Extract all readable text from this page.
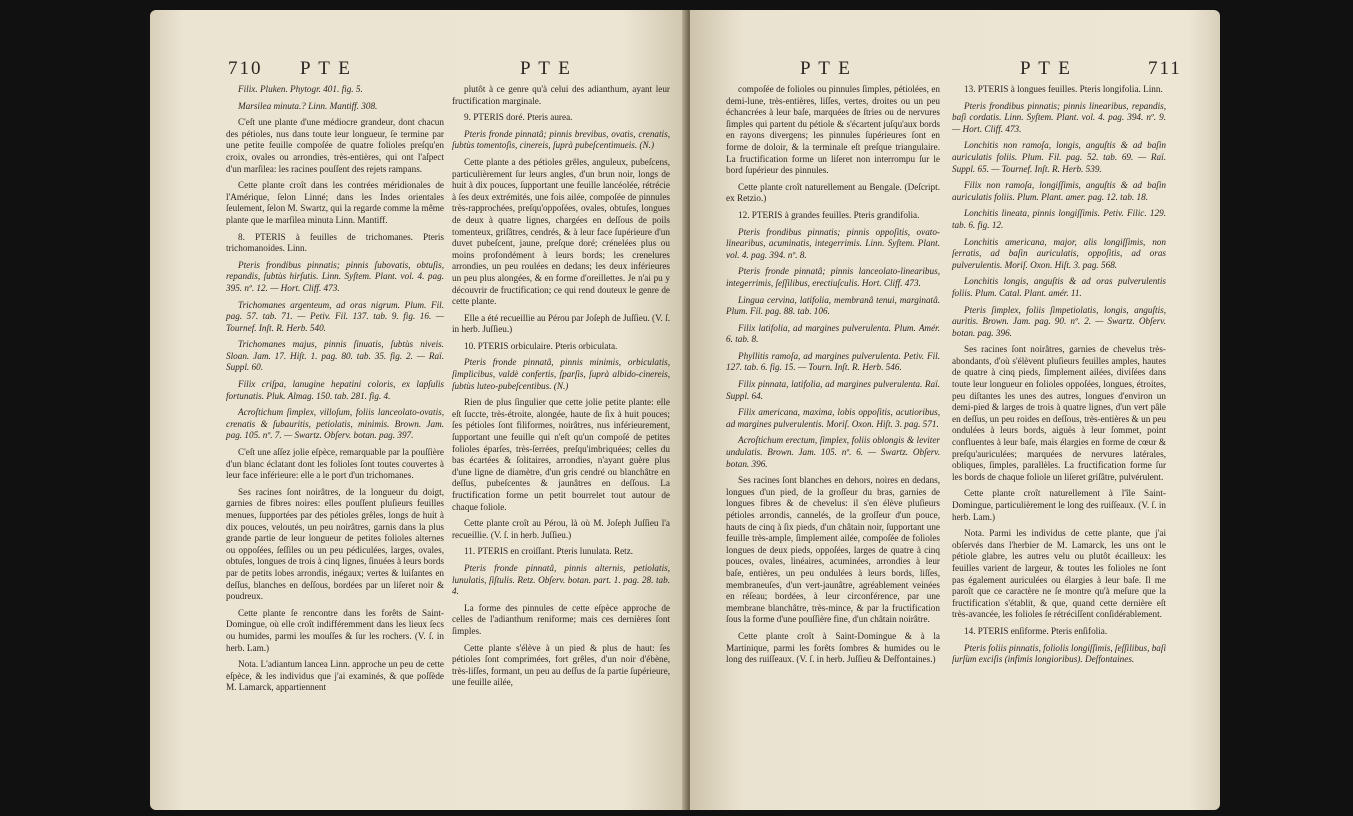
710 P T E	P T E

Filix. Pluken. Phytogr. 401. fig. 5.

Marsilea minuta.? Linn. Mantiff. 308.

C'eſt une plante d'une médiocre grandeur, dont chacun des pétioles, nus dans toute leur longueur, ſe termine par une petite feuille compoſée de quatre folioles preſqu'en croix, ovales ou arrondies, très-entières, qui ont l'aſpect d'un marſilea: les racines pouſſent des rejets rampans.

Cette plante croît dans les contrées méridionales de l'Amérique, ſelon Linné; dans les Indes orientales ſeulement, ſelon M. Swartz, qui la regarde comme la même plante que le marſilea minuta Linn. Mantiff.

8. PTERIS à feuilles de trichomanes. Pteris trichomanoides. Linn.

Pteris frondibus pinnatis; pinnis ſubovatis, obtuſis, repandis, ſubtùs hirſutis. Linn. Syſtem. Plant. vol. 4. pag. 395. nº. 12. — Hort. Cliff. 473.

Trichomanes argenteum, ad oras nigrum. Plum. Fil. pag. 57. tab. 71. — Petiv. Fil. 137. tab. 9. fig. 16. — Tournef. Inſt. R. Herb. 540.

Trichomanes majus, pinnis ſinuatis, ſubtùs niveis. Sloan. Jam. 17. Hiſt. 1. pag. 80. tab. 35. fig. 2. — Raï. Suppl. 60.

Filix criſpa, lanugine hepatini coloris, ex lapſulis fortunatis. Pluk. Almag. 150. tab. 281. fig. 4.

Acroſtichum ſimplex, villoſum, foliis lanceolato-ovatis, crenatis & ſubauritis, petiolatis, minimis. Brown. Jam. pag. 105. nº. 7. — Swartz. Obſerv. botan. pag. 397.

C'eſt une aſſez jolie eſpèce, remarquable par la pouſſière d'un blanc éclatant dont les folioles ſont toutes couvertes à leur face inférieure: elle a le port d'un trichomanes.

Ses racines ſont noirâtres, de la longueur du doigt, garnies de fibres noires: elles pouſſent pluſieurs feuilles menues, ſupportées par des pétioles grêles, longs de huit à dix pouces, veloutés, un peu noirâtres, garnis dans la plus grande partie de leur longueur de petites folioles alternes ou oppoſées, ſeſſiles ou un peu pédiculées, larges, ovales, obtuſes, longues de trois à cinq lignes, ſinuées à leurs bords par de petits lobes arrondis, inégaux; vertes & luiſantes en deſſus, blanches en deſſous, bordées par un liſeret noir & poudreux.

Cette plante ſe rencontre dans les forêts de Saint-Domingue, où elle croît indifféremment dans les lieux ſecs ou humides, parmi les mouſſes & ſur les rochers. (V. ſ. in herb. Lam.)

Nota. L'adiantum lancea Linn. approche un peu de cette eſpèce, & les individus que j'ai examinés, & que poſſède M. Lamarck, appartiennent

plutôt à ce genre qu'à celui des adianthum, ayant leur fructification marginale.

9. PTERIS doré. Pteris aurea.

Pteris fronde pinnatâ; pinnis brevibus, ovatis, crenatis, ſubtùs tomentoſis, cinereis, ſuprà pubeſcentimueis. (N.)

Cette plante a des pétioles grêles, anguleux, pubeſcens, particulièrement ſur leurs angles, d'un brun noir, longs de huit à dix pouces, ſupportant une feuille lancéolée, rétrécie à ſes deux extrémités, une fois ailée, compoſée de pinnules très-rapprochées, preſqu'oppoſées, ovales, obtuſes, longues de deux à quatre lignes, chargées en deſſous de poils tomenteux, griſâtres, cendrés, & à leur face ſupérieure d'un duvet pubeſcent, jaune, preſque doré; crénelées plus ou moins profondément à leurs bords; les crenelures arrondies, un peu roulées en dedans; les deux inférieures un peu plus alongées, & en forme d'oreillettes. Je n'ai pu y découvrir de fructification; ce qui rend douteux le genre de cette plante.

Elle a été recueillie au Pérou par Joſeph de Juſſieu. (V. ſ. in herb. Juſſieu.)

10. PTERIS orbiculaire. Pteris orbiculata.

Pteris fronde pinnatâ, pinnis minimis, orbiculatis, ſimplicibus, valdè confertis, ſparſis, ſuprà albido-cinereis, ſubtùs luteo-pubeſcentibus. (N.)

Rien de plus ſingulier que cette jolie petite plante: elle eſt ſuccte, très-étroite, alongée, haute de ſix à huit pouces; ſes pétioles ſont filiformes, noirâtres, nus inférieurement, ſupportant une feuille qui n'eſt qu'un compoſé de petites folioles éparſes, très-ſerrées, preſqu'imbriquées; celles du bas écartées & ſolitaires, arrondies, n'ayant guère plus d'une ligne de diamètre, d'un gris cendré ou blanchâtre en deſſus, pubeſcentes & jaunâtres en deſſous. La fructification forme un petit bourrelet tout autour de chaque foliole.

Cette plante croît au Pérou, là où M. Joſeph Juſſieu l'a recueillie. (V. ſ. in herb. Juſſieu.)

11. PTERIS en croiſſant. Pteris lunulata. Retz.

Pteris fronde pinnatâ, pinnis alternis, petiolatis, lunulatis, ſiſtulis. Retz. Obſerv. botan. part. 1. pag. 28. tab. 4.

La forme des pinnules de cette eſpèce approche de celles de l'adianthum reniforme; mais ces dernières ſont ſimples.

Cette plante s'élève à un pied & plus de haut: ſes pétioles ſont comprimées, fort grêles, d'un noir d'ébène, très-liſſes, formant, un peu au deſſus de ſa partie ſupérieure, une feuille ailée,

P T E	P T E	711

compoſée de folioles ou pinnules ſimples, pétiolées, en demi-lune, très-entières, liſſes, vertes, droites ou un peu échancrées à leur baſe, marquées de ſtries ou de nervures ſimples qui partent du pétiole & s'écartent juſqu'aux bords en rayons divergens; les pinnules ſupérieures ſont en forme de doloir, & la terminale eſt preſque triangulaire. La fructification forme un liſeret non interrompu ſur le bord ſupérieur des pinnules.

Cette plante croît naturellement au Bengale. (Deſcript. ex Retzio.)

12. PTERIS à grandes feuilles. Pteris grandifolia.

Pteris frondibus pinnatis; pinnis oppoſitis, ovato-linearibus, acuminatis, integerrimis. Linn. Syſtem. Plant. vol. 4. pag. 394. nº. 8.

Pteris fronde pinnatâ; pinnis lanceolato-linearibus, integerrimis, ſeſſilibus, erectiuſculis. Hort. Cliff. 473.

Lingua cervina, latifolia, membranâ tenui, marginatâ. Plum. Fil. pag. 88. tab. 106.

Filix latifolia, ad margines pulverulenta. Plum. Amér. 6. tab. 8.

Phyllitis ramoſa, ad margines pulverulenta. Petiv. Fil. 127. tab. 6. fig. 15. — Tourn. Inſt. R. Herb. 546.

Filix pinnata, latifolia, ad margines pulverulenta. Raï. Suppl. 64.

Filix americana, maxima, lobis oppoſitis, acutioribus, ad margines pulverulentis. Moriſ. Oxon. Hiſt. 3. pag. 571.

Acroſtichum erectum, ſimplex, foliis oblongis & leviter undulatis. Brown. Jam. 105. nº. 6. — Swartz. Obſerv. botan. 396.

Ses racines ſont blanches en dehors, noires en dedans, longues d'un pied, de la groſſeur du bras, garnies de longues fibres & de chevelus: il s'en élève pluſieurs pétioles arrondis, cannelés, de la groſſeur d'un pouce, hauts de cinq à ſix pieds, d'un châtain noir, ſupportant une feuille très-ample, ſimplement ailée, compoſée de folioles longues de deux pieds, oppoſées, larges de quatre à cinq pouces, ovales, linéaires, acuminées, arrondies à leur baſe, entières, un peu ondulées à leurs bords, liſſes, membraneuſes, d'un vert-jaunâtre, agréablement veinées en réſeau; bordées, à leur circonférence, par une membrane blanchâtre, très-mince, & par la fructification ſous la forme d'une pouſſière fine, d'un châtain noirâtre.

Cette plante croît à Saint-Domingue & à la Martinique, parmi les forêts ſombres & humides ou le long des ruiſſeaux. (V. ſ. in herb. Juſſieu & Deſfontaines.)

13. PTERIS à longues feuilles. Pteris longifolia. Linn.

Pteris frondibus pinnatis; pinnis linearibus, repandis, baſi cordatis. Linn. Syſtem. Plant. vol. 4. pag. 394. nº. 9. — Hort. Cliff. 473.

Lonchitis non ramoſa, longis, anguſtis & ad baſin auriculatis foliis. Plum. Fil. pag. 52. tab. 69. — Raï. Suppl. 65. — Tournef. Inſt. R. Herb. 539.

Filix non ramoſa, longiſſimis, anguſtis & ad baſin auriculatis foliis. Plum. Plant. amer. pag. 12. tab. 18.

Lonchitis lineata, pinnis longiſſimis. Petiv. Filic. 129. tab. 6. fig. 12.

Lonchitis americana, major, alis longiſſimis, non ſerratis, ad baſin auriculatis, oppoſitis, ad oras pulverulentis. Moriſ. Oxon. Hiſt. 3. pag. 568.

Lonchitis longis, anguſtis & ad oras pulverulentis foliis. Plum. Catal. Plant. amér. 11.

Pteris ſimplex, foliis ſimpetiolatis, longis, anguſtis, auritis. Brown. Jam. pag. 90. nº. 2. — Swartz. Obſerv. botan. pag. 396.

Ses racines ſont noirâtres, garnies de chevelus très-abondants, d'où s'élèvent pluſieurs feuilles amples, hautes de quatre à cinq pieds, ſimplement ailées, diviſées dans toute leur longueur en folioles oppoſées, longues, étroites, peu diſtantes les unes des autres, longues d'environ un demi-pied & larges de trois à quatre lignes, d'un vert pâle en deſſus, un peu roides en deſſous, très-entières & un peu ondulées à leurs bords, aiguës à leur ſommet, point confluentes à leur baſe, mais élargies en forme de cœur & preſqu'auriculées; marquées de nervures latérales, obliques, ſimples, parallèles. La fructification forme ſur les bords de chaque foliole un liſeret griſâtre, pulvérulent.

Cette plante croît naturellement à l'île Saint-Domingue, particulièrement le long des ruiſſeaux. (V. ſ. in herb. Lam.)

Nota. Parmi les individus de cette plante, que j'ai obſervés dans l'herbier de M. Lamarck, les uns ont le pétiole glabre, les autres velu ou plutôt écailleux: les feuilles varient de largeur, & toutes les folioles ne ſont pas également auriculées ou élargies à leur baſe. Il me paroît que ce caractère ne ſe montre qu'à meſure que la fructification s'établit, & que, quand cette dernière eſt très-avancée, les folioles ſe rétréciſſent conſidérablement.

14. PTERIS enſiforme. Pteris enſifolia.

Pteris foliis pinnatis, foliolis longiſſimis, ſeſſilibus, baſi ſurſùm exciſis (infimis longioribus). Deſfontaines.
